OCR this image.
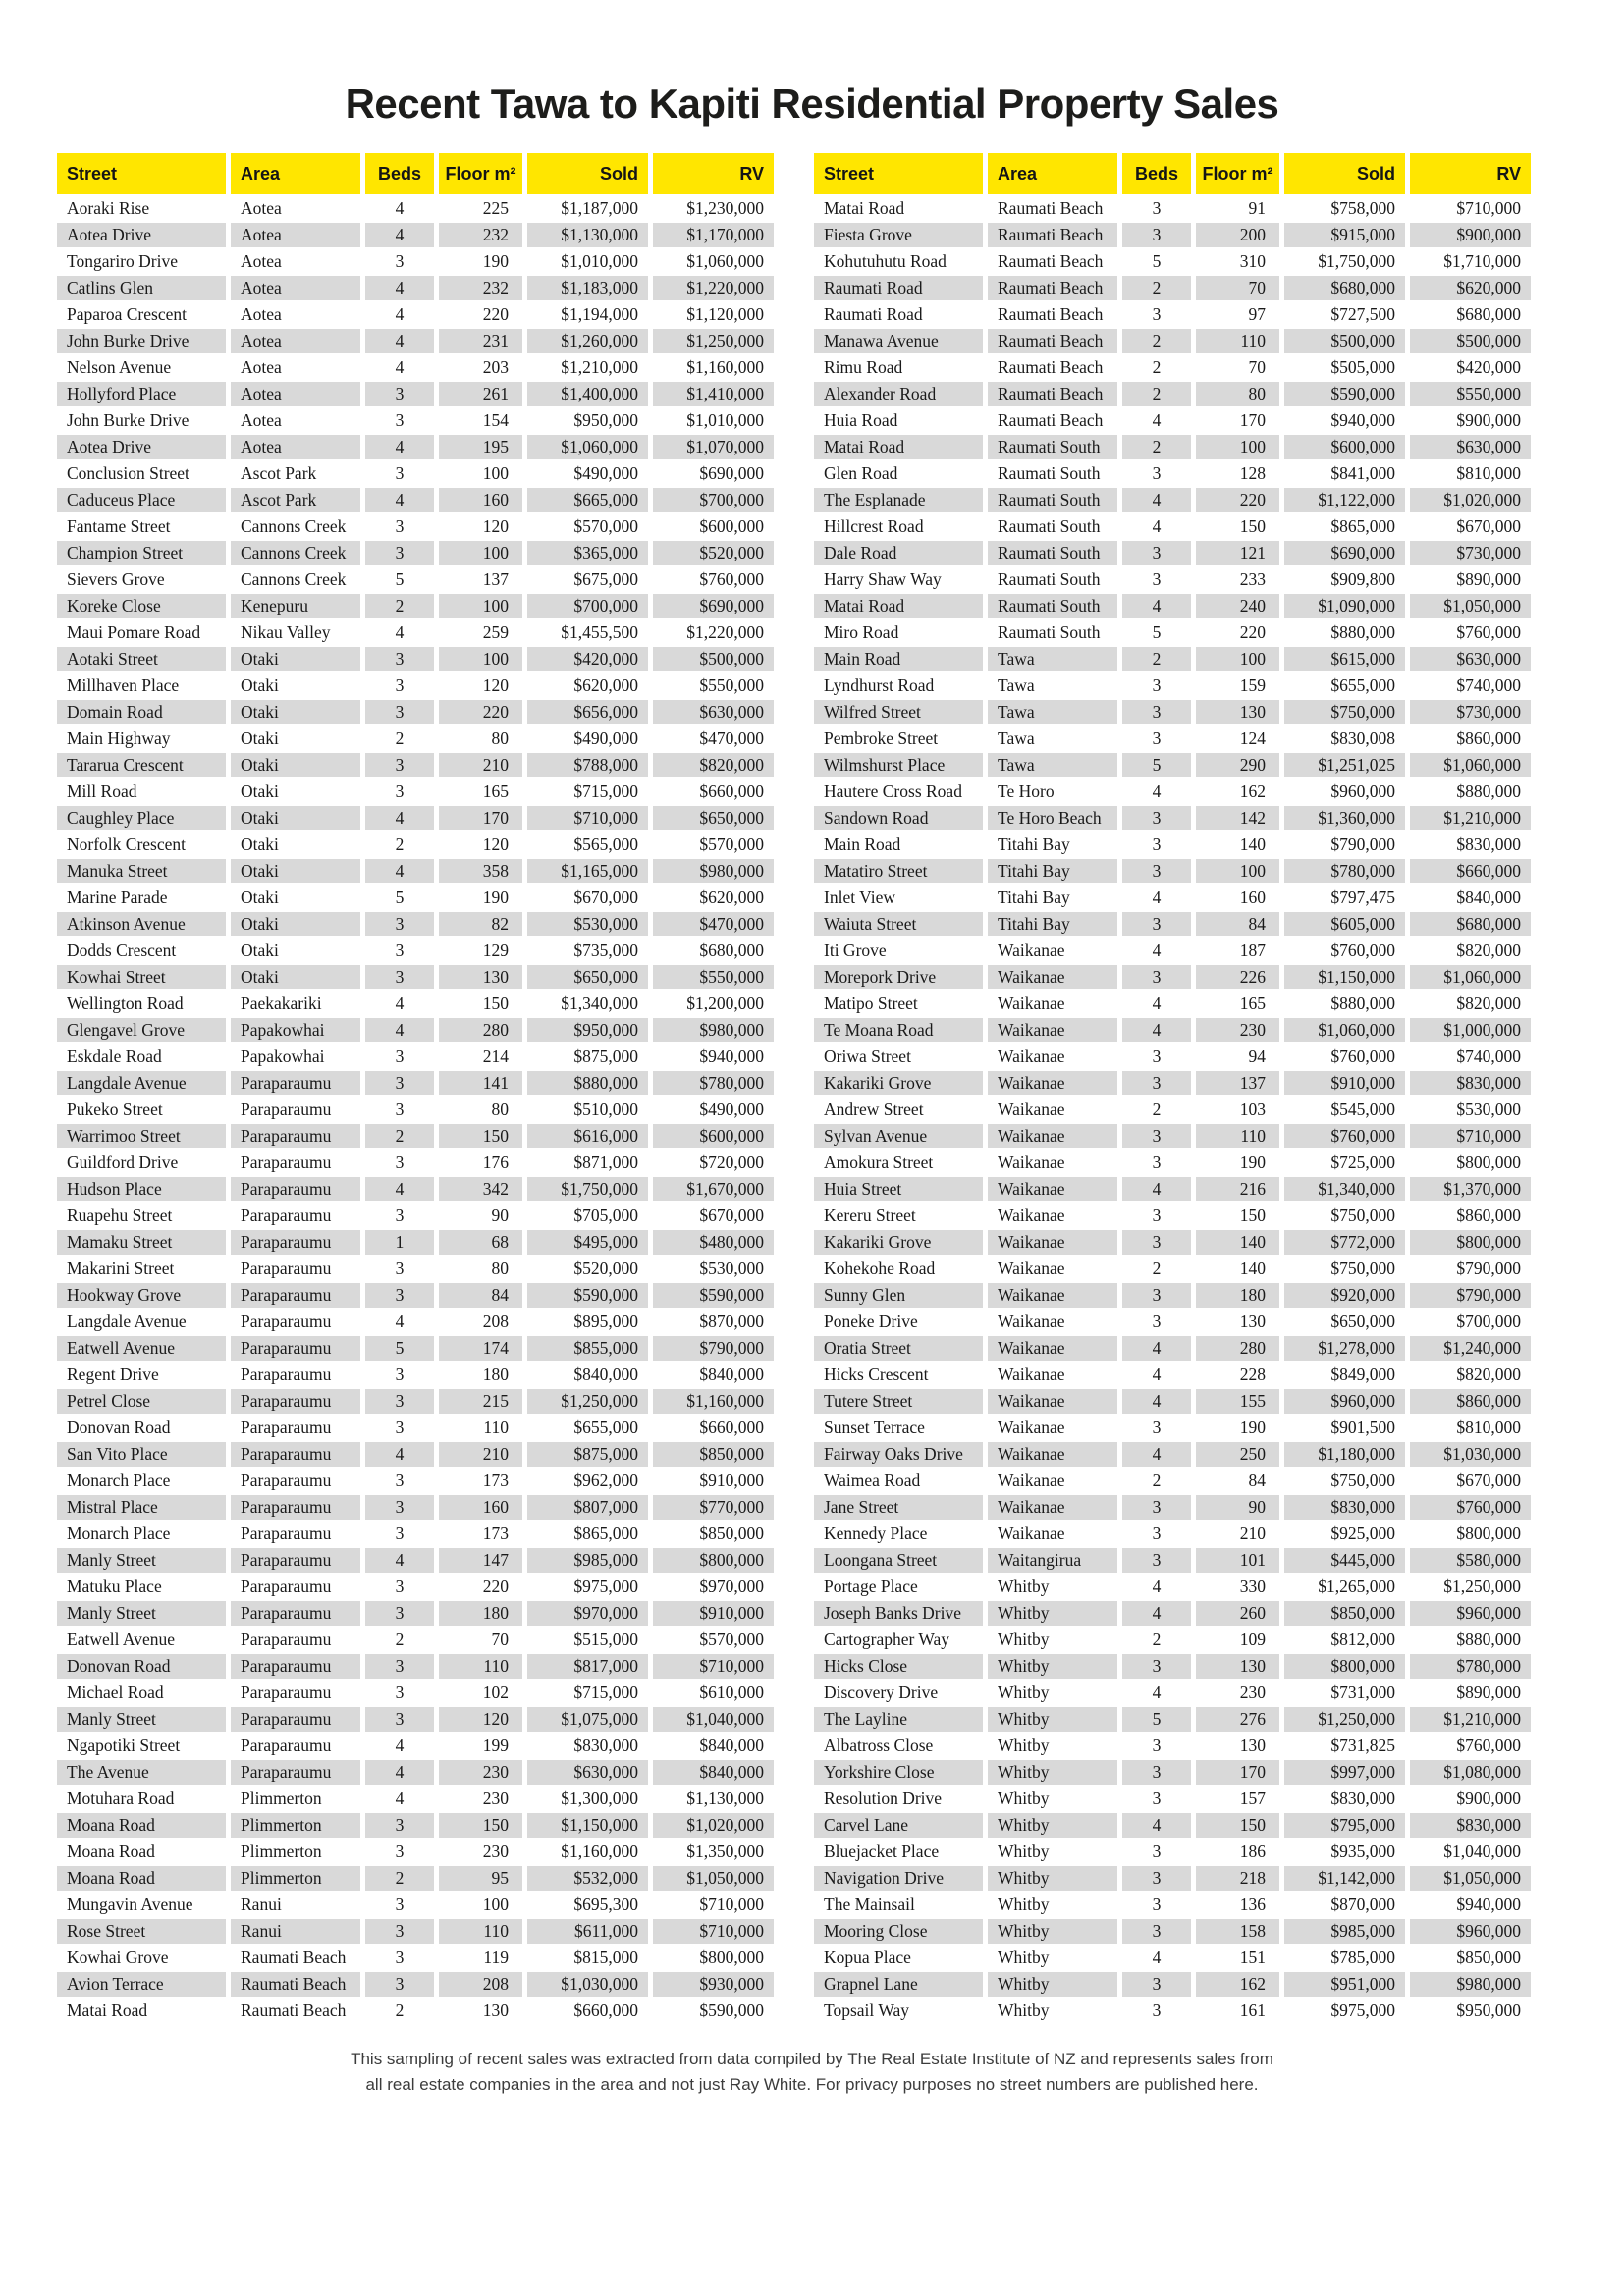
Recent Tawa to Kapiti Residential Property Sales
Street	Area	Beds	Floor m²	Sold	RV
Aoraki Rise	Aotea	4	225	$1,187,000	$1,230,000
Aotea Drive	Aotea	4	232	$1,130,000	$1,170,000
Tongariro Drive	Aotea	3	190	$1,010,000	$1,060,000
Catlins Glen	Aotea	4	232	$1,183,000	$1,220,000
Paparoa Crescent	Aotea	4	220	$1,194,000	$1,120,000
John Burke Drive	Aotea	4	231	$1,260,000	$1,250,000
Nelson Avenue	Aotea	4	203	$1,210,000	$1,160,000
Hollyford Place	Aotea	3	261	$1,400,000	$1,410,000
John Burke Drive	Aotea	3	154	$950,000	$1,010,000
Aotea Drive	Aotea	4	195	$1,060,000	$1,070,000
Conclusion Street	Ascot Park	3	100	$490,000	$690,000
Caduceus Place	Ascot Park	4	160	$665,000	$700,000
Fantame Street	Cannons Creek	3	120	$570,000	$600,000
Champion Street	Cannons Creek	3	100	$365,000	$520,000
Sievers Grove	Cannons Creek	5	137	$675,000	$760,000
Koreke Close	Kenepuru	2	100	$700,000	$690,000
Maui Pomare Road	Nikau Valley	4	259	$1,455,500	$1,220,000
Aotaki Street	Otaki	3	100	$420,000	$500,000
Millhaven Place	Otaki	3	120	$620,000	$550,000
Domain Road	Otaki	3	220	$656,000	$630,000
Main Highway	Otaki	2	80	$490,000	$470,000
Tararua Crescent	Otaki	3	210	$788,000	$820,000
Mill Road	Otaki	3	165	$715,000	$660,000
Caughley Place	Otaki	4	170	$710,000	$650,000
Norfolk Crescent	Otaki	2	120	$565,000	$570,000
Manuka Street	Otaki	4	358	$1,165,000	$980,000
Marine Parade	Otaki	5	190	$670,000	$620,000
Atkinson Avenue	Otaki	3	82	$530,000	$470,000
Dodds Crescent	Otaki	3	129	$735,000	$680,000
Kowhai Street	Otaki	3	130	$650,000	$550,000
Wellington Road	Paekakariki	4	150	$1,340,000	$1,200,000
Glengavel Grove	Papakowhai	4	280	$950,000	$980,000
Eskdale Road	Papakowhai	3	214	$875,000	$940,000
Langdale Avenue	Paraparaumu	3	141	$880,000	$780,000
Pukeko Street	Paraparaumu	3	80	$510,000	$490,000
Warrimoo Street	Paraparaumu	2	150	$616,000	$600,000
Guildford Drive	Paraparaumu	3	176	$871,000	$720,000
Hudson Place	Paraparaumu	4	342	$1,750,000	$1,670,000
Ruapehu Street	Paraparaumu	3	90	$705,000	$670,000
Mamaku Street	Paraparaumu	1	68	$495,000	$480,000
Makarini Street	Paraparaumu	3	80	$520,000	$530,000
Hookway Grove	Paraparaumu	3	84	$590,000	$590,000
Langdale Avenue	Paraparaumu	4	208	$895,000	$870,000
Eatwell Avenue	Paraparaumu	5	174	$855,000	$790,000
Regent Drive	Paraparaumu	3	180	$840,000	$840,000
Petrel Close	Paraparaumu	3	215	$1,250,000	$1,160,000
Donovan Road	Paraparaumu	3	110	$655,000	$660,000
San Vito Place	Paraparaumu	4	210	$875,000	$850,000
Monarch Place	Paraparaumu	3	173	$962,000	$910,000
Mistral Place	Paraparaumu	3	160	$807,000	$770,000
Monarch Place	Paraparaumu	3	173	$865,000	$850,000
Manly Street	Paraparaumu	4	147	$985,000	$800,000
Matuku Place	Paraparaumu	3	220	$975,000	$970,000
Manly Street	Paraparaumu	3	180	$970,000	$910,000
Eatwell Avenue	Paraparaumu	2	70	$515,000	$570,000
Donovan Road	Paraparaumu	3	110	$817,000	$710,000
Michael Road	Paraparaumu	3	102	$715,000	$610,000
Manly Street	Paraparaumu	3	120	$1,075,000	$1,040,000
Ngapotiki Street	Paraparaumu	4	199	$830,000	$840,000
The Avenue	Paraparaumu	4	230	$630,000	$840,000
Motuhara Road	Plimmerton	4	230	$1,300,000	$1,130,000
Moana Road	Plimmerton	3	150	$1,150,000	$1,020,000
Moana Road	Plimmerton	3	230	$1,160,000	$1,350,000
Moana Road	Plimmerton	2	95	$532,000	$1,050,000
Mungavin Avenue	Ranui	3	100	$695,300	$710,000
Rose Street	Ranui	3	110	$611,000	$710,000
Kowhai Grove	Raumati Beach	3	119	$815,000	$800,000
Avion Terrace	Raumati Beach	3	208	$1,030,000	$930,000
Matai Road	Raumati Beach	2	130	$660,000	$590,000
Street	Area	Beds	Floor m²	Sold	RV
Matai Road	Raumati Beach	3	91	$758,000	$710,000
Fiesta Grove	Raumati Beach	3	200	$915,000	$900,000
Kohutuhutu Road	Raumati Beach	5	310	$1,750,000	$1,710,000
Raumati Road	Raumati Beach	2	70	$680,000	$620,000
Raumati Road	Raumati Beach	3	97	$727,500	$680,000
Manawa Avenue	Raumati Beach	2	110	$500,000	$500,000
Rimu Road	Raumati Beach	2	70	$505,000	$420,000
Alexander Road	Raumati Beach	2	80	$590,000	$550,000
Huia Road	Raumati Beach	4	170	$940,000	$900,000
Matai Road	Raumati South	2	100	$600,000	$630,000
Glen Road	Raumati South	3	128	$841,000	$810,000
The Esplanade	Raumati South	4	220	$1,122,000	$1,020,000
Hillcrest Road	Raumati South	4	150	$865,000	$670,000
Dale Road	Raumati South	3	121	$690,000	$730,000
Harry Shaw Way	Raumati South	3	233	$909,800	$890,000
Matai Road	Raumati South	4	240	$1,090,000	$1,050,000
Miro Road	Raumati South	5	220	$880,000	$760,000
Main Road	Tawa	2	100	$615,000	$630,000
Lyndhurst Road	Tawa	3	159	$655,000	$740,000
Wilfred Street	Tawa	3	130	$750,000	$730,000
Pembroke Street	Tawa	3	124	$830,008	$860,000
Wilmshurst Place	Tawa	5	290	$1,251,025	$1,060,000
Hautere Cross Road	Te Horo	4	162	$960,000	$880,000
Sandown Road	Te Horo Beach	3	142	$1,360,000	$1,210,000
Main Road	Titahi Bay	3	140	$790,000	$830,000
Matatiro Street	Titahi Bay	3	100	$780,000	$660,000
Inlet View	Titahi Bay	4	160	$797,475	$840,000
Waiuta Street	Titahi Bay	3	84	$605,000	$680,000
Iti Grove	Waikanae	4	187	$760,000	$820,000
Morepork Drive	Waikanae	3	226	$1,150,000	$1,060,000
Matipo Street	Waikanae	4	165	$880,000	$820,000
Te Moana Road	Waikanae	4	230	$1,060,000	$1,000,000
Oriwa Street	Waikanae	3	94	$760,000	$740,000
Kakariki Grove	Waikanae	3	137	$910,000	$830,000
Andrew Street	Waikanae	2	103	$545,000	$530,000
Sylvan Avenue	Waikanae	3	110	$760,000	$710,000
Amokura Street	Waikanae	3	190	$725,000	$800,000
Huia Street	Waikanae	4	216	$1,340,000	$1,370,000
Kereru Street	Waikanae	3	150	$750,000	$860,000
Kakariki Grove	Waikanae	3	140	$772,000	$800,000
Kohekohe Road	Waikanae	2	140	$750,000	$790,000
Sunny Glen	Waikanae	3	180	$920,000	$790,000
Poneke Drive	Waikanae	3	130	$650,000	$700,000
Oratia Street	Waikanae	4	280	$1,278,000	$1,240,000
Hicks Crescent	Waikanae	4	228	$849,000	$820,000
Tutere Street	Waikanae	4	155	$960,000	$860,000
Sunset Terrace	Waikanae	3	190	$901,500	$810,000
Fairway Oaks Drive	Waikanae	4	250	$1,180,000	$1,030,000
Waimea Road	Waikanae	2	84	$750,000	$670,000
Jane Street	Waikanae	3	90	$830,000	$760,000
Kennedy Place	Waikanae	3	210	$925,000	$800,000
Loongana Street	Waitangirua	3	101	$445,000	$580,000
Portage Place	Whitby	4	330	$1,265,000	$1,250,000
Joseph Banks Drive	Whitby	4	260	$850,000	$960,000
Cartographer Way	Whitby	2	109	$812,000	$880,000
Hicks Close	Whitby	3	130	$800,000	$780,000
Discovery Drive	Whitby	4	230	$731,000	$890,000
The Layline	Whitby	5	276	$1,250,000	$1,210,000
Albatross Close	Whitby	3	130	$731,825	$760,000
Yorkshire Close	Whitby	3	170	$997,000	$1,080,000
Resolution Drive	Whitby	3	157	$830,000	$900,000
Carvel Lane	Whitby	4	150	$795,000	$830,000
Bluejacket Place	Whitby	3	186	$935,000	$1,040,000
Navigation Drive	Whitby	3	218	$1,142,000	$1,050,000
The Mainsail	Whitby	3	136	$870,000	$940,000
Mooring Close	Whitby	3	158	$985,000	$960,000
Kopua Place	Whitby	4	151	$785,000	$850,000
Grapnel Lane	Whitby	3	162	$951,000	$980,000
Topsail Way	Whitby	3	161	$975,000	$950,000
This sampling of recent sales was extracted from data compiled by The Real Estate Institute of NZ and represents sales from
all real estate companies in the area and not just Ray White. For privacy purposes no street numbers are published here.
